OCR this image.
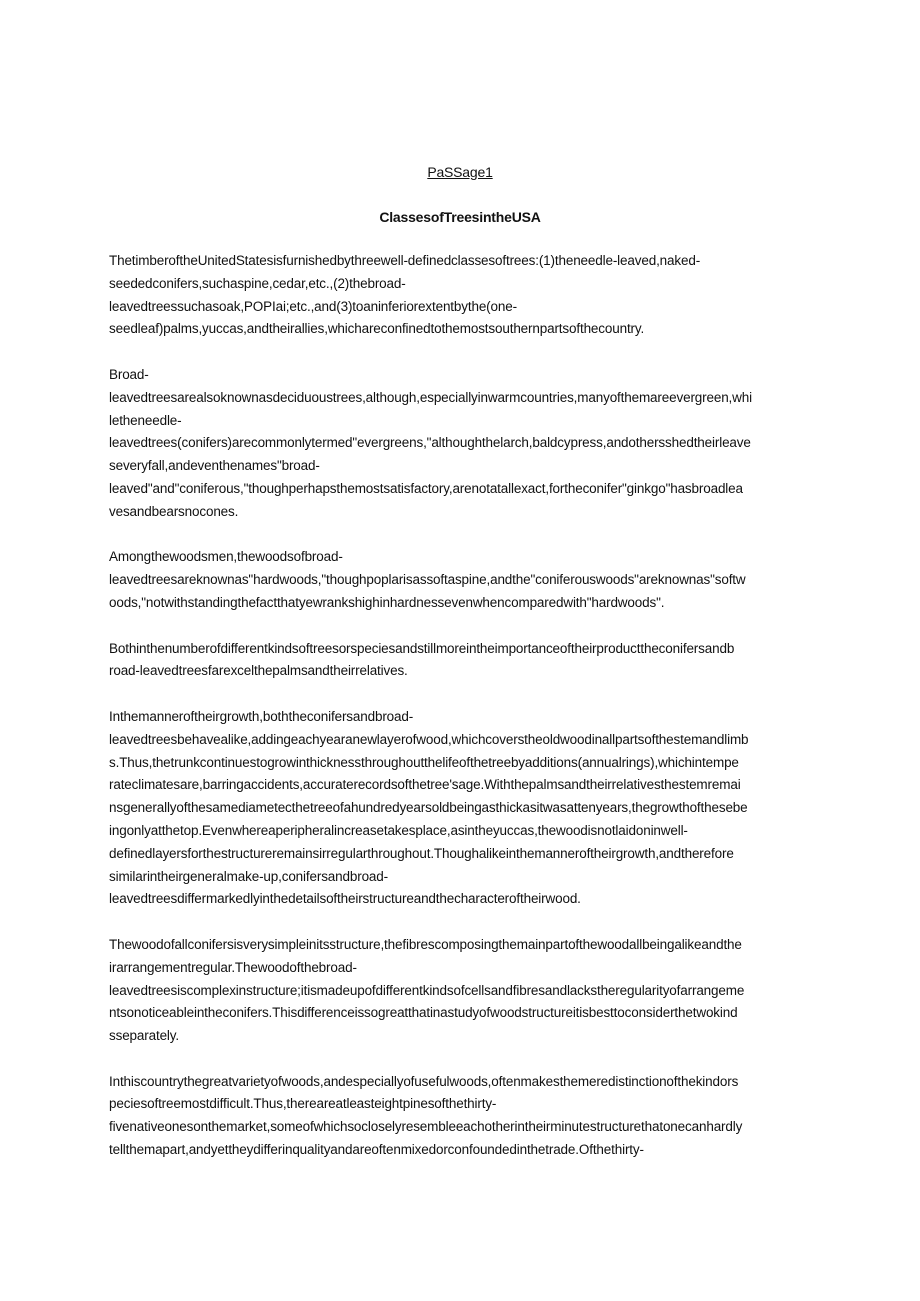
PaSSage1
ClassesofTreesintheUSA
ThetimberoftheUnitedStatesisfurnishedbythreewell-definedclassesoftrees:(1)theneedle-leaved,naked-
seededconifers,suchaspine,cedar,etc.,(2)thebroad-
leavedtreessuchasoak,POPIai;etc.,and(3)toaninferiorextentbythe(one-
seedleaf)palms,yuccas,andtheirallies,whichareconfinedtothemostsouthernpartsofthecountry.
Broad-
leavedtreesarealsoknownasdeciduoustrees,although,especiallyinwarmcountries,manyofthemareevergreen,whi
letheneedle-
leavedtrees(conifers)arecommonlytermed"evergreens,"althoughthelarch,baldcypress,andothersshedtheirleave
severyfall,andeventhenames"broad-
leaved"and"coniferous,"thoughperhapsthemostsatisfactory,arenotatallexact,fortheconifer"ginkgo"hasbroadlea
vesandbearsnocones.
Amongthewoodsmen,thewoodsofbroad-
leavedtreesareknownas"hardwoods,"thoughpoplarisassoftaspine,andthe"coniferouswoods"areknownas"softw
oods,"notwithstandingthefactthatyewrankshighinhardnessevenwhencomparedwith"hardwoods".
Bothinthenumberofdifferentkindsoftreesorspeciesandstillmoreintheimportanceoftheirproducttheconifersandb
road-leavedtreesfarexcelthepalmsandtheirrelatives.
Inthemanneroftheirgrowth,boththeconifersandbroad-
leavedtreesbehavealike,addingeachyearanewlayerofwood,whichcoverstheoldwoodinallpartsofthestemandlimb
s.Thus,thetrunkcontinuestogrowinthicknessthroughoutthelifeofthetreebyadditions(annualrings),whichintempe
rateclimatesare,barringaccidents,accuraterecordsofthetree'sage.Withthepalmsandtheirrelativesthestemremai
nsgenerallyofthesamediametecthetreeofahundredyearsoldbeingasthickasitwasattenyears,thegrowthofthesebe
ingonlyatthetop.Evenwhereaperipheralincreasetakesplace,asintheyuccas,thewoodisnotlaidoninwell-
definedlayersforthestructureremainsirregularthroughout.Thoughalikeinthemanneroftheirgrowth,andtherefore
similarintheirgeneralmake-up,conifersandbroad-
leavedtreesdiffermarkedlyinthedetailsoftheirstructureandthecharacteroftheirwood.
Thewoodofallconifersisverysimpleinitsstructure,thefibrescomposingthemainpartofthewoodallbeingalikeandthe
irarrangementregular.Thewoodofthebroad-
leavedtreesiscomplexinstructure;itismadeupofdifferentkindsofcellsandfibresandlackstheregularityofarrangeme
ntsonoticeableintheconifers.Thisdifferenceissogreatthatinastudyofwoodstructureitisbesttoconsiderthetwokind
sseparately.
Inthiscountrythegreatvarietyofwoods,andespeciallyofusefulwoods,oftenmakesthemeredistinctionofthekindors
peciesoftreemostdifficult.Thus,thereareatleasteightpinesofthethirty-
fivenativeonesonthemarket,someofwhichsocloselyresembleeachotherintheirminutestructurethatonecanhardly
tellthemapart,andyettheydifferinqualityandareoftenmixedorconfoundedinthetrade.Ofthethirty-
